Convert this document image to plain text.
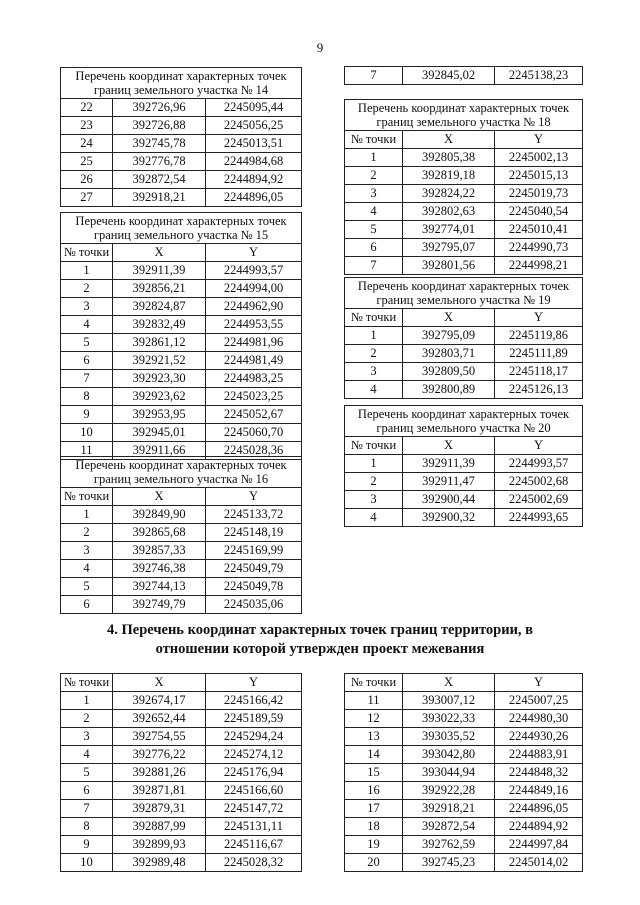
9
Перечень координат характерных точек
границ земельного участка № 14		

22	392726,96	2245095,44
23	392726,88	2245056,25
24	392745,78	2245013,51
25	392776,78	2244984,68
26	392872,54	2244894,92
27	392918,21	2244896,05
Перечень координат характерных точек
границ земельного участка № 15		

№ точки	X	Y
1	392911,39	2244993,57
2	392856,21	2244994,00
3	392824,87	2244962,90
4	392832,49	2244953,55
5	392861,12	2244981,96
6	392921,52	2244981,49
7	392923,30	2244983,25
8	392923,62	2245023,25
9	392953,95	2245052,67
10	392945,01	2245060,70
11	392911,66	2245028,36
Перечень координат характерных точек
границ земельного участка № 16		

№ точки	X	Y
1	392849,90	2245133,72
2	392865,68	2245148,19
3	392857,33	2245169,99
4	392746,38	2245049,79
5	392744,13	2245049,78
6	392749,79	2245035,06
7	392845,02	2245138,23
Перечень координат характерных точек
границ земельного участка № 18		

№ точки	X	Y
1	392805,38	2245002,13
2	392819,18	2245015,13
3	392824,22	2245019,73
4	392802,63	2245040,54
5	392774,01	2245010,41
6	392795,07	2244990,73
7	392801,56	2244998,21
Перечень координат характерных точек
границ земельного участка № 19		

№ точки	X	Y
1	392795,09	2245119,86
2	392803,71	2245111,89
3	392809,50	2245118,17
4	392800,89	2245126,13
Перечень координат характерных точек
границ земельного участка № 20		

№ точки	X	Y
1	392911,39	2244993,57
2	392911,47	2245002,68
3	392900,44	2245002,69
4	392900,32	2244993,65
4. Перечень координат характерных точек границ территории, в
отношении которой утвержден проект межевания
№ точки	X	Y
1	392674,17	2245166,42
2	392652,44	2245189,59
3	392754,55	2245294,24
4	392776,22	2245274,12
5	392881,26	2245176,94
6	392871,81	2245166,60
7	392879,31	2245147,72
8	392887,99	2245131,11
9	392899,93	2245116,67
10	392989,48	2245028,32
№ точки	X	Y
11	393007,12	2245007,25
12	393022,33	2244980,30
13	393035,52	2244930,26
14	393042,80	2244883,91
15	393044,94	2244848,32
16	392922,28	2244849,16
17	392918,21	2244896,05
18	392872,54	2244894,92
19	392762,59	2244997,84
20	392745,23	2245014,02
